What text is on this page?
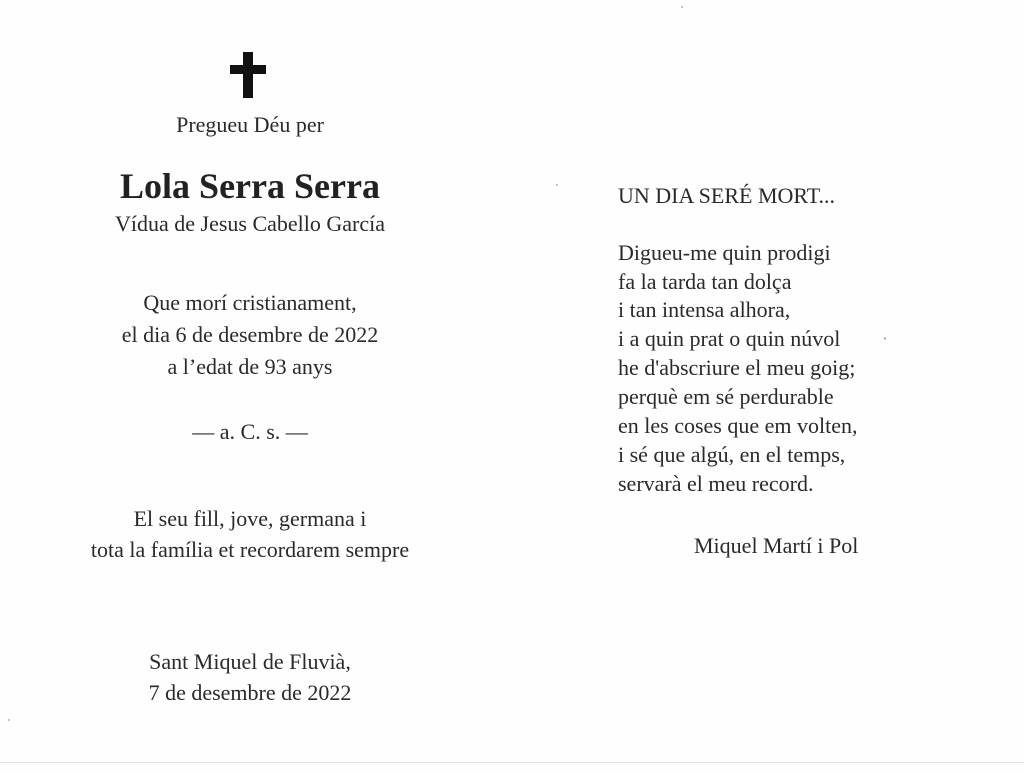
Pregueu Déu per
Lola Serra Serra
Vídua de Jesus Cabello García
Que morí cristianament,
el dia 6 de desembre de 2022
a l’edat de 93 anys
— a. C. s. —
El seu fill, jove, germana i
tota la família et recordarem sempre
Sant Miquel de Fluvià,
7 de desembre de 2022
UN DIA SERÉ MORT...
Digueu-me quin prodigi
fa la tarda tan dolça
i tan intensa alhora,
i a quin prat o quin núvol
he d'abscriure el meu goig;
perquè em sé perdurable
en les coses que em volten,
i sé que algú, en el temps,
servarà el meu record.
Miquel Martí i Pol
